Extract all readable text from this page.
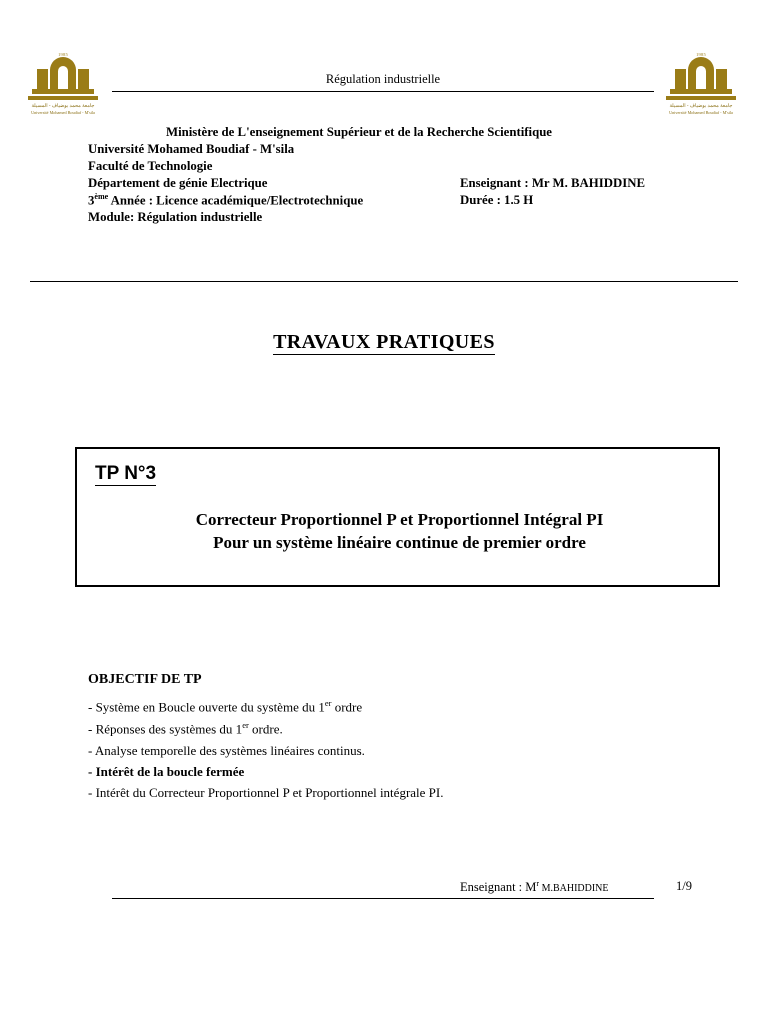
Régulation industrielle
1985
جامعة محمد بوضياف - المسيلة
Université Mohamed Boudiaf - M'sila
1985
جامعة محمد بوضياف - المسيلة
Université Mohamed Boudiaf - M'sila
Ministère de L'enseignement Supérieur et de la Recherche Scientifique
Université Mohamed Boudiaf - M'sila
Faculté de Technologie
Département de génie Electrique	Enseignant : Mr M. BAHIDDINE
3ème Année : Licence académique/Electrotechnique	Durée : 1.5 H
Module: Régulation industrielle
TRAVAUX PRATIQUES
TP N°3
Correcteur Proportionnel P et Proportionnel Intégral PI
Pour un système linéaire continue de premier ordre
OBJECTIF DE TP
- Système en Boucle ouverte du système du 1er ordre
- Réponses des systèmes du 1er ordre.
- Analyse temporelle des systèmes linéaires continus.
- Intérêt de la boucle fermée
- Intérêt du Correcteur Proportionnel P et Proportionnel intégrale PI.
Enseignant : $M^r$ M.BAHIDDINE	1/9
